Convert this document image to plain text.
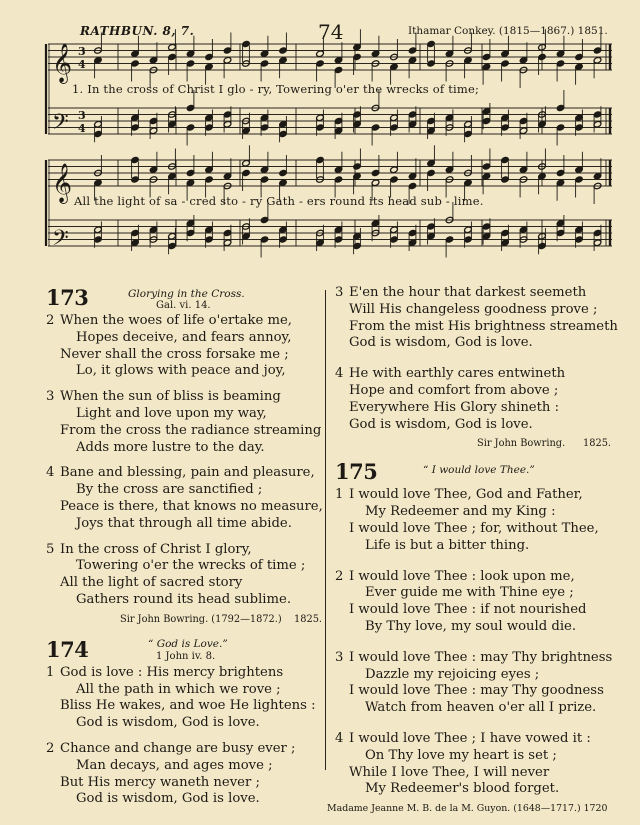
RATHBUN. 8, 7.	74	Ithamar Conkey. (1815—1867.) 1851.
𝄞
𝄢
𝄞
𝄢
3
4
3
4
1. In the cross of Christ I glo - ry, Towering o'er the wrecks of time;
All the light of sa - cred sto - ry Gath - ers round its head sub - lime.
173	Glorying in the Cross.
Gal. vi. 14.
2 When the woes of life o'ertake me,
Hopes deceive, and fears annoy,
Never shall the cross forsake me ;
Lo, it glows with peace and joy,
3 When the sun of bliss is beaming
Light and love upon my way,
From the cross the radiance streaming
Adds more lustre to the day.
4 Bane and blessing, pain and pleasure,
By the cross are sanctified ;
Peace is there, that knows no measure,
Joys that through all time abide.
5 In the cross of Christ I glory,
Towering o'er the wrecks of time ;
All the light of sacred story
Gathers round its head sublime.
Sir John Bowring. (1792—1872.) 1825.
174	“ God is Love.”
1 John iv. 8.
1 God is love : His mercy brightens
All the path in which we rove ;
Bliss He wakes, and woe He lightens :
God is wisdom, God is love.
2 Chance and change are busy ever ;
Man decays, and ages move ;
But His mercy waneth never ;
God is wisdom, God is love.
3 E'en the hour that darkest seemeth
Will His changeless goodness prove ;
From the mist His brightness streameth
God is wisdom, God is love.
4 He with earthly cares entwineth
Hope and comfort from above ;
Everywhere His Glory shineth :
God is wisdom, God is love.
Sir John Bowring. 1825.
175	“ I would love Thee.”
1 I would love Thee, God and Father,
My Redeemer and my King :
I would love Thee ; for, without Thee,
Life is but a bitter thing.
2 I would love Thee : look upon me,
Ever guide me with Thine eye ;
I would love Thee : if not nourished
By Thy love, my soul would die.
3 I would love Thee : may Thy brightness
Dazzle my rejoicing eyes ;
I would love Thee : may Thy goodness
Watch from heaven o'er all I prize.
4 I would love Thee ; I have vowed it :
On Thy love my heart is set ;
While I love Thee, I will never
My Redeemer's blood forget.
Madame Jeanne M. B. de la M. Guyon. (1648—1717.) 1720
